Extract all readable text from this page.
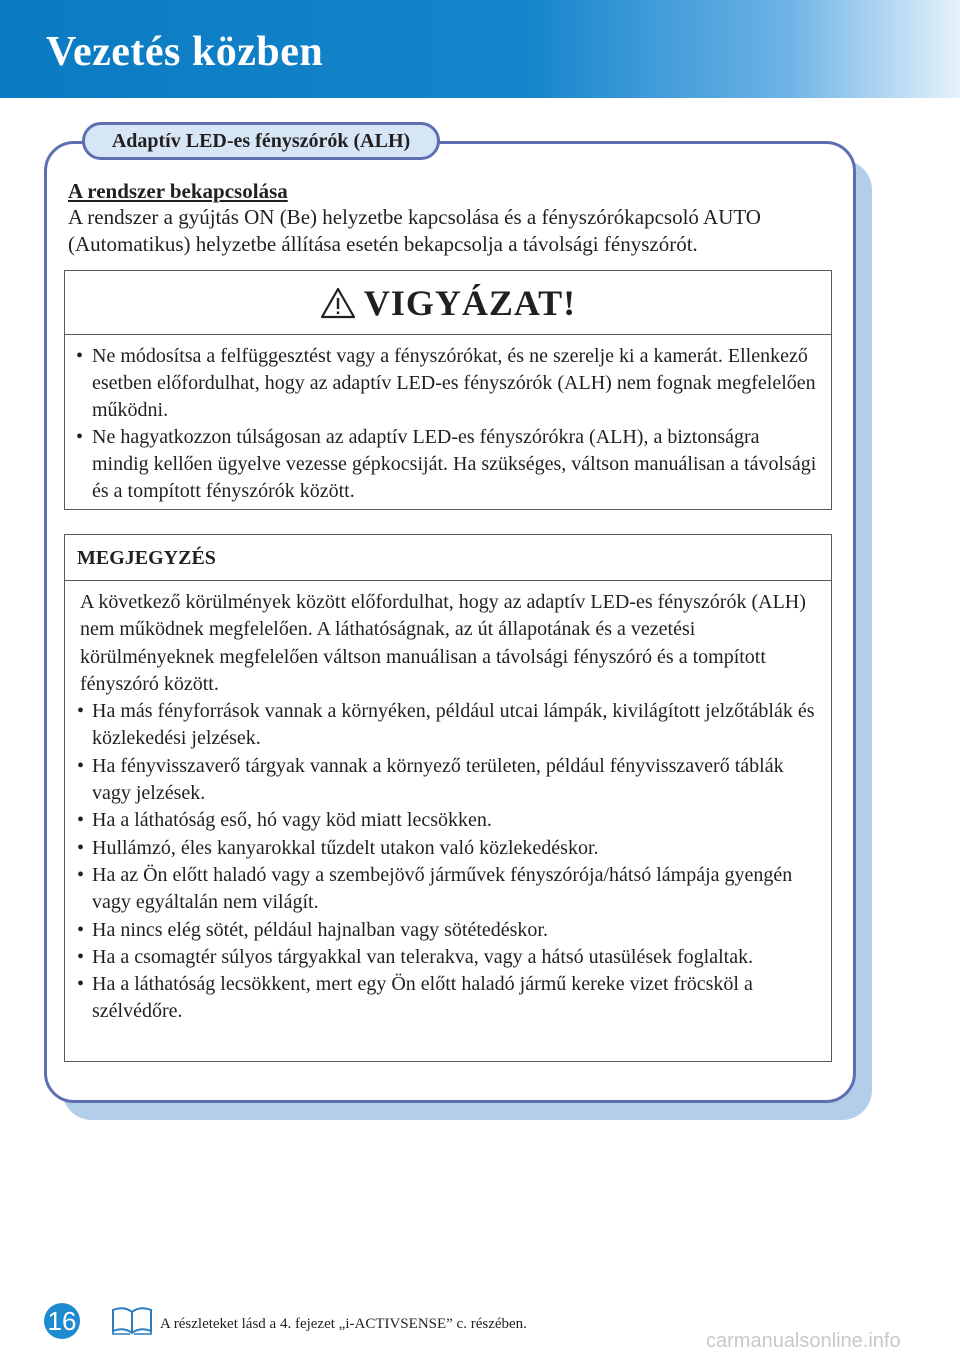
Vezetés közben
Adaptív LED-es fényszórók (ALH)
A rendszer bekapcsolása
A rendszer a gyújtás ON (Be) helyzetbe kapcsolása és a fényszórókapcsoló AUTO (Automatikus) helyzetbe állítása esetén bekapcsolja a távolsági fényszórót.
VIGYÁZAT!
• Ne módosítsa a felfüggesztést vagy a fényszórókat, és ne szerelje ki a kamerát. Ellenkező esetben előfordulhat, hogy az adaptív LED-es fényszórók (ALH) nem fognak megfelelően működni.
• Ne hagyatkozzon túlságosan az adaptív LED-es fényszórókra (ALH), a biztonságra mindig kellően ügyelve vezesse gépkocsiját. Ha szükséges, váltson manuálisan a távolsági és a tompított fényszórók között.
MEGJEGYZÉS
A következő körülmények között előfordulhat, hogy az adaptív LED-es fényszórók (ALH) nem működnek megfelelően. A láthatóságnak, az út állapotának és a vezetési körülményeknek megfelelően váltson manuálisan a távolsági fényszóró és a tompított fényszóró között.
• Ha más fényforrások vannak a környéken, például utcai lámpák, kivilágított jelzőtáblák és közlekedési jelzések.
• Ha fényvisszaverő tárgyak vannak a környező területen, például fényvisszaverő táblák vagy jelzések.
• Ha a láthatóság eső, hó vagy köd miatt lecsökken.
• Hullámzó, éles kanyarokkal tűzdelt utakon való közlekedéskor.
• Ha az Ön előtt haladó vagy a szembejövő járművek fényszórója/hátsó lámpája gyengén vagy egyáltalán nem világít.
• Ha nincs elég sötét, például hajnalban vagy sötétedéskor.
• Ha a csomagtér súlyos tárgyakkal van telerakva, vagy a hátsó utasülések foglaltak.
• Ha a láthatóság lecsökkent, mert egy Ön előtt haladó jármű kereke vizet fröcsköl a szélvédőre.
16	A részleteket lásd a 4. fejezet „i-ACTIVSENSE” c. részében.
carmanualsonline.info
